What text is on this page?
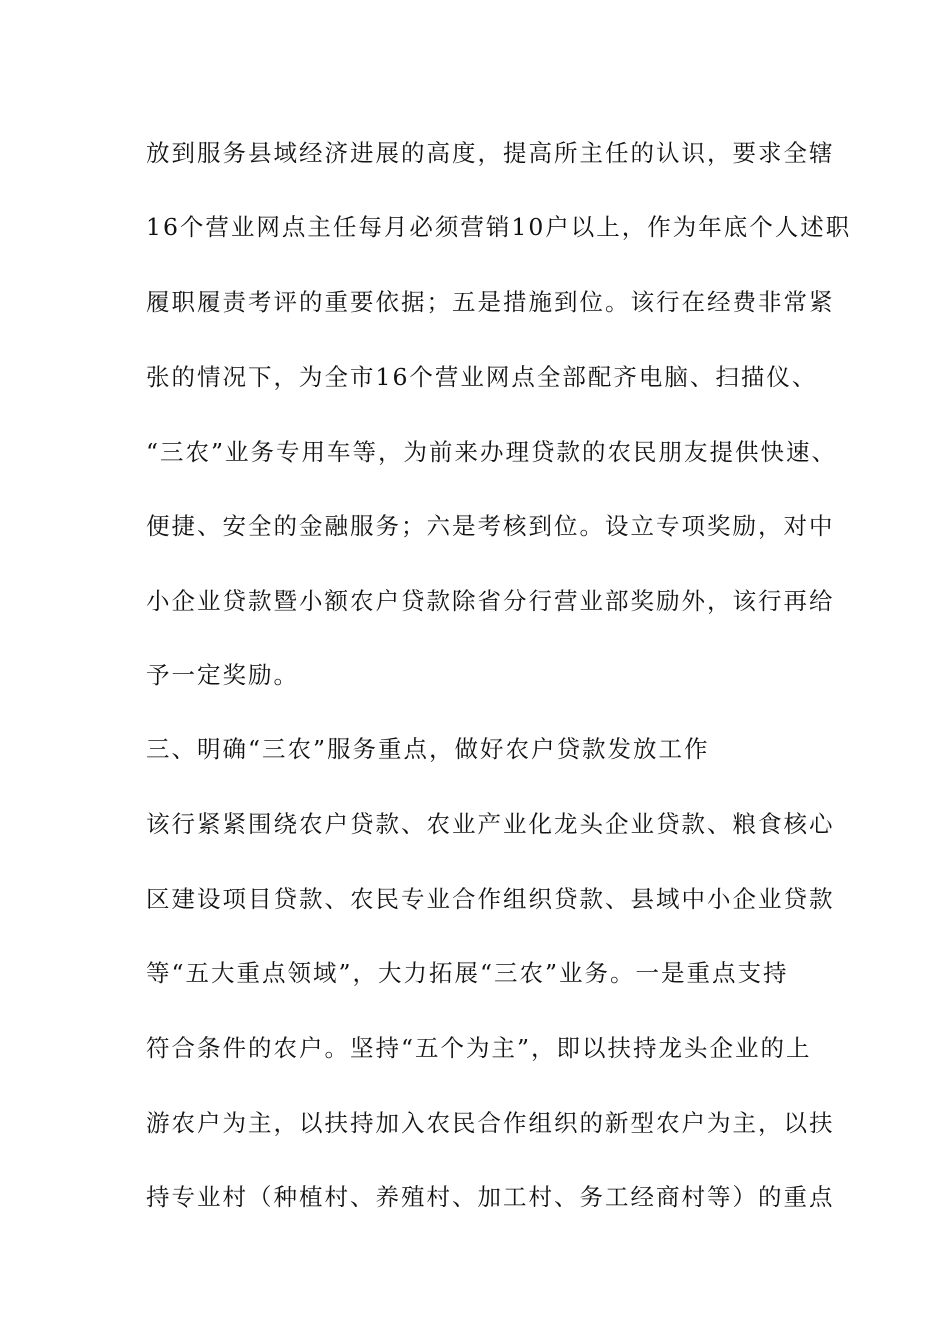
放到服务县域经济进展的高度，提高所主任的认识，要求全辖

16个营业网点主任每月必须营销10户以上，作为年底个人述职

履职履责考评的重要依据；五是措施到位。该行在经费非常紧

张的情况下，为全市16个营业网点全部配齐电脑、扫描仪、

“三农”业务专用车等，为前来办理贷款的农民朋友提供快速、

便捷、安全的金融服务；六是考核到位。设立专项奖励，对中

小企业贷款暨小额农户贷款除省分行营业部奖励外，该行再给

予一定奖励。

三、明确“三农”服务重点，做好农户贷款发放工作

该行紧紧围绕农户贷款、农业产业化龙头企业贷款、粮食核心

区建设项目贷款、农民专业合作组织贷款、县域中小企业贷款

等“五大重点领域”，大力拓展“三农”业务。一是重点支持

符合条件的农户。坚持“五个为主”，即以扶持龙头企业的上

游农户为主，以扶持加入农民合作组织的新型农户为主，以扶

持专业村（种植村、养殖村、加工村、务工经商村等）的重点
